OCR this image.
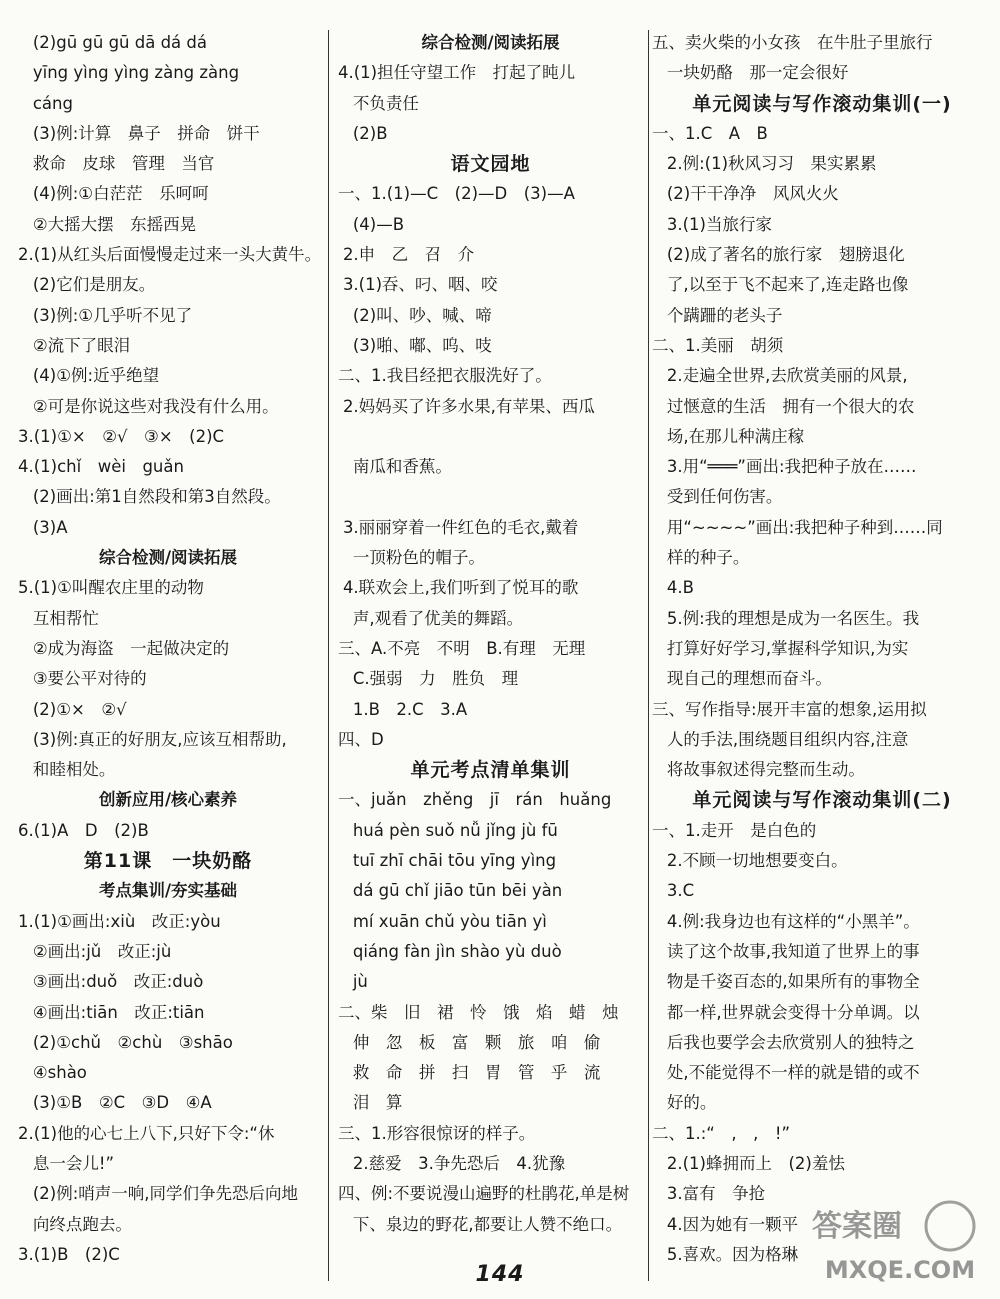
(2)gū gū gū dā dá dá
yīng yìng yìng zàng zàng
cáng
(3)例:计算　鼻子　拼命　饼干
救命　皮球　管理　当官
(4)例:①白茫茫　乐呵呵
②大摇大摆　东摇西晃
2.(1)从红头后面慢慢走过来一头大黄牛。
(2)它们是朋友。
(3)例:①几乎听不见了
②流下了眼泪
(4)①例:近乎绝望
②可是你说这些对我没有什么用。
3.(1)①×　②√　③×　(2)C
4.(1)chǐ　wèi　guǎn
(2)画出:第1自然段和第3自然段。
(3)A
综合检测/阅读拓展
5.(1)①叫醒农庄里的动物
互相帮忙
②成为海盗　一起做决定的
③要公平对待的
(2)①×　②√
(3)例:真正的好朋友,应该互相帮助,
和睦相处。
创新应用/核心素养
6.(1)A　D　(2)B
第11课　一块奶酪
考点集训/夯实基础
1.(1)①画出:xiù　改正:yòu
②画出:jǔ　改正:jù
③画出:duǒ　改正:duò
④画出:tiān　改正:tiān
(2)①chǔ　②chù　③shāo
④shào
(3)①B　②C　③D　④A
2.(1)他的心七上八下,只好下令:“休
息一会儿!”
(2)例:哨声一响,同学们争先恐后向地
向终点跑去。
3.(1)B　(2)C
综合检测/阅读拓展
4.(1)担任守望工作　打起了盹儿
不负责任
(2)B
语文园地
一、1.(1)—C　(2)—D　(3)—A
(4)—B
2.申　乙　召　介
3.(1)吞、叼、咽、咬
(2)叫、吵、喊、啼
(3)啪、嘟、呜、吱
二、1.我㠯经把衣服洗好了。
2.妈妈买了许多水果,有苹果、西瓜
南瓜和香蕉。
3.丽丽穿着一件红色的毛衣,戴着
一顶粉色的帽子。
4.联欢会上,我们听到了悦耳的歌
声,观看了优美的舞蹈。
三、A.不亮　不明　B.有理　无理
C.强弱　力　胜负　理
1.B　2.C　3.A
四、D
单元考点清单集训
一、juǎn　zhěng　jī　rán　huǎng
huá pèn suǒ nǚ jǐng jù fū
tuī zhī chāi tōu yīng yìng
dá gū chǐ jiāo tūn bēi yàn
mí xuān chǔ yòu tiān yì
qiáng fàn jìn shào yù duò
jù
二、柴　旧　裙　怜　饿　焰　蜡　烛
伸　忽　板　富　颗　旅　咱　偷
救　命　拼　扫　胃　管　乎　流
泪　算
三、1.形容很惊讶的样子。
2.慈爱　3.争先恐后　4.犹豫
四、例:不要说漫山遍野的杜鹃花,单是树
下、泉边的野花,都要让人赞不绝口。
五、卖火柴的小女孩　在牛肚子里旅行
一块奶酪　那一定会很好
单元阅读与写作滚动集训(一)
一、1.C　A　B
2.例:(1)秋风习习　果实累累
(2)干干净净　风风火火
3.(1)当旅行家
(2)成了著名的旅行家　翅膀退化
了,以至于飞不起来了,连走路也像
个蹒跚的老头子
二、1.美丽　胡须
2.走遍全世界,去欣赏美丽的风景,
过惬意的生活　拥有一个很大的农
场,在那儿种满庄稼
3.用“═══”画出:我把种子放在……
受到任何伤害。
用“~~~~”画出:我把种子种到……同
样的种子。
4.B
5.例:我的理想是成为一名医生。我
打算好好学习,掌握科学知识,为实
现自己的理想而奋斗。
三、写作指导:展开丰富的想象,运用拟
人的手法,围绕题目组织内容,注意
将故事叙述得完整而生动。
单元阅读与写作滚动集训(二)
一、1.走开　是白色的
2.不顾一切地想要变白。
3.C
4.例:我身边也有这样的“小黑羊”。
读了这个故事,我知道了世界上的事
物是千姿百态的,如果所有的事物全
都一样,世界就会变得十分单调。以
后我也要学会去欣赏别人的独特之
处,不能觉得不一样的就是错的或不
好的。
二、1.:“　,　,　!”
2.(1)蜂拥而上　(2)羞怯
3.富有　争抢
4.因为她有一颗平
5.喜欢。因为格琳
144
答案圈
MXQE.COM
